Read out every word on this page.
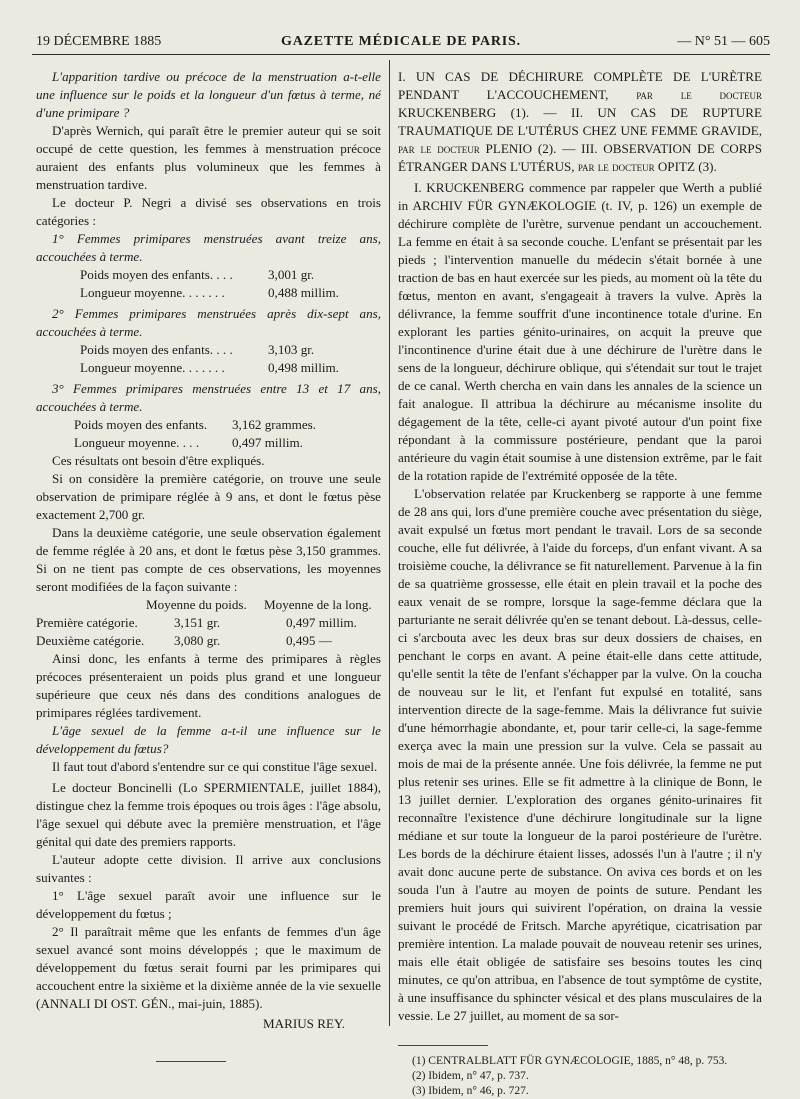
19 DÉCEMBRE 1885	GAZETTE MÉDICALE DE PARIS.	— N° 51 — 605

L'apparition tardive ou précoce de la menstruation a-t-elle une influence sur le poids et la longueur d'un fœtus à terme, né d'une primipare ?

D'après Wernich, qui paraît être le premier auteur qui se soit occupé de cette question, les femmes à menstruation précoce auraient des enfants plus volumineux que les femmes à menstruation tardive.

Le docteur P. Negri a divisé ses observations en trois catégories :

1° Femmes primipares menstruées avant treize ans, accouchées à terme.

Poids moyen des enfants. . . .	3,001 gr.
Longueur moyenne. . . . . . .	0,488 millim.

2° Femmes primipares menstruées après dix-sept ans, accouchées à terme.

Poids moyen des enfants. . . .	3,103 gr.
Longueur moyenne. . . . . . .	0,498 millim.

3° Femmes primipares menstruées entre 13 et 17 ans, accouchées à terme.

Poids moyen des enfants.	3,162 grammes.
Longueur moyenne. . . .	0,497 millim.

Ces résultats ont besoin d'être expliqués.

Si on considère la première catégorie, on trouve une seule observation de primipare réglée à 9 ans, et dont le fœtus pèse exactement 2,700 gr.

Dans la deuxième catégorie, une seule observation également de femme réglée à 20 ans, et dont le fœtus pèse 3,150 grammes. Si on ne tient pas compte de ces observations, les moyennes seront modifiées de la façon suivante :

Moyenne du poids.	Moyenne de la long.
Première catégorie.	3,151 gr.	0,497 millim.
Deuxième catégorie.	3,080 gr.	0,495 —

Ainsi donc, les enfants à terme des primipares à règles précoces présenteraient un poids plus grand et une longueur supérieure que ceux nés dans des conditions analogues de primipares réglées tardivement.

L'âge sexuel de la femme a-t-il une influence sur le développement du fœtus?

Il faut tout d'abord s'entendre sur ce qui constitue l'âge sexuel.

Le docteur Boncinelli (Lo SPERMIENTALE, juillet 1884), distingue chez la femme trois époques ou trois âges : l'âge absolu, l'âge sexuel qui débute avec la première menstruation, et l'âge génital qui date des premiers rapports.

L'auteur adopte cette division. Il arrive aux conclusions suivantes :

1° L'âge sexuel paraît avoir une influence sur le développement du fœtus ;

2° Il paraîtrait même que les enfants de femmes d'un âge sexuel avancé sont moins développés ; que le maximum de développement du fœtus serait fourni par les primipares qui accouchent entre la sixième et la dixième année de la vie sexuelle (ANNALI DI OST. GÉN., mai-juin, 1885).

MARIUS REY.

I. UN CAS DE DÉCHIRURE COMPLÈTE DE L'URÈTRE PENDANT L'ACCOUCHEMENT, par le docteur KRUCKENBERG (1). — II. UN CAS DE RUPTURE TRAUMATIQUE DE L'UTÉRUS CHEZ UNE FEMME GRAVIDE, par le docteur PLENIO (2). — III. OBSERVATION DE CORPS ÉTRANGER DANS L'UTÉRUS, par le docteur OPITZ (3).

I. KRUCKENBERG commence par rappeler que Werth a publié in ARCHIV FÜR GYNÆKOLOGIE (t. IV, p. 126) un exemple de déchirure complète de l'urètre, survenue pendant un accouchement. La femme en était à sa seconde couche. L'enfant se présentait par les pieds ; l'intervention manuelle du médecin s'était bornée à une traction de bas en haut exercée sur les pieds, au moment où la tête du fœtus, menton en avant, s'engageait à travers la vulve. Après la délivrance, la femme souffrit d'une incontinence totale d'urine. En explorant les parties génito-urinaires, on acquit la preuve que l'incontinence d'urine était due à une déchirure de l'urètre dans le sens de la longueur, déchirure oblique, qui s'étendait sur tout le trajet de ce canal. Werth chercha en vain dans les annales de la science un fait analogue. Il attribua la déchirure au mécanisme insolite du dégagement de la tête, celle-ci ayant pivoté autour d'un point fixe répondant à la commissure postérieure, pendant que la paroi antérieure du vagin était soumise à une distension extrême, par le fait de la rotation rapide de l'extrémité opposée de la tête.

L'observation relatée par Kruckenberg se rapporte à une femme de 28 ans qui, lors d'une première couche avec présentation du siège, avait expulsé un fœtus mort pendant le travail. Lors de sa seconde couche, elle fut délivrée, à l'aide du forceps, d'un enfant vivant. A sa troisième couche, la délivrance se fit naturellement. Parvenue à la fin de sa quatrième grossesse, elle était en plein travail et la poche des eaux venait de se rompre, lorsque la sage-femme déclara que la parturiante ne serait délivrée qu'en se tenant debout. Là-dessus, celle-ci s'arcbouta avec les deux bras sur deux dossiers de chaises, en penchant le corps en avant. A peine était-elle dans cette attitude, qu'elle sentit la tête de l'enfant s'échapper par la vulve. On la coucha de nouveau sur le lit, et l'enfant fut expulsé en totalité, sans intervention directe de la sage-femme. Mais la délivrance fut suivie d'une hémorrhagie abondante, et, pour tarir celle-ci, la sage-femme exerça avec la main une pression sur la vulve. Cela se passait au mois de mai de la présente année. Une fois délivrée, la femme ne put plus retenir ses urines. Elle se fit admettre à la clinique de Bonn, le 13 juillet dernier. L'exploration des organes génito-urinaires fit reconnaître l'existence d'une déchirure longitudinale sur la ligne médiane et sur toute la longueur de la paroi postérieure de l'urètre. Les bords de la déchirure étaient lisses, adossés l'un à l'autre ; il n'y avait donc aucune perte de substance. On aviva ces bords et on les souda l'un à l'autre au moyen de points de suture. Pendant les premiers huit jours qui suivirent l'opération, on draina la vessie suivant le procédé de Fritsch. Marche apyrétique, cicatrisation par première intention. La malade pouvait de nouveau retenir ses urines, mais elle était obligée de satisfaire ses besoins toutes les cinq minutes, ce qu'on attribua, en l'absence de tout symptôme de cystite, à une insuffisance du sphincter vésical et des plans musculaires de la vessie. Le 27 juillet, au moment de sa sor-

(1) CENTRALBLATT FÜR GYNÆCOLOGIE, 1885, n° 48, p. 753.

(2) Ibidem, n° 47, p. 737.

(3) Ibidem, n° 46, p. 727.
